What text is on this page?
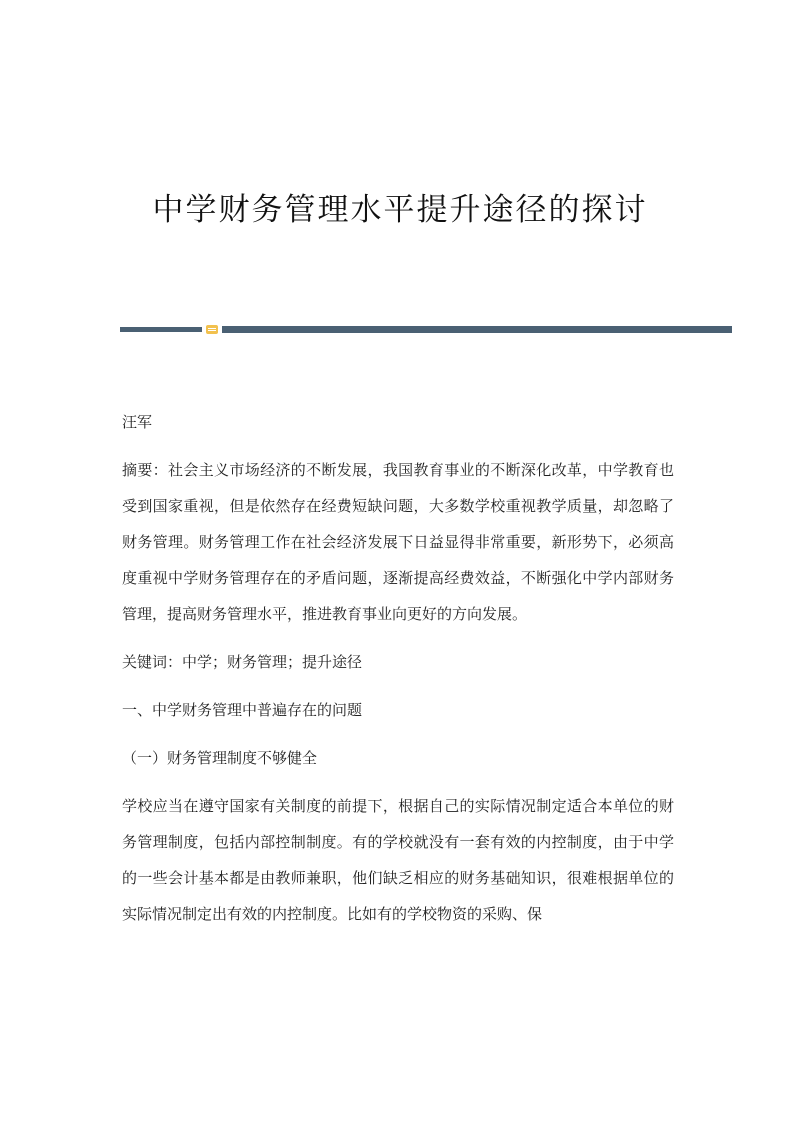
中学财务管理水平提升途径的探讨

汪军

摘要：社会主义市场经济的不断发展，我国教育事业的不断深化改革，中学教育也受到国家重视，但是依然存在经费短缺问题，大多数学校重视教学质量，却忽略了财务管理。财务管理工作在社会经济发展下日益显得非常重要，新形势下，必须高度重视中学财务管理存在的矛盾问题，逐渐提高经费效益，不断强化中学内部财务管理，提高财务管理水平，推进教育事业向更好的方向发展。

关键词：中学；财务管理；提升途径

一、中学财务管理中普遍存在的问题

（一）财务管理制度不够健全

学校应当在遵守国家有关制度的前提下，根据自己的实际情况制定适合本单位的财务管理制度，包括内部控制制度。有的学校就没有一套有效的内控制度，由于中学的一些会计基本都是由教师兼职，他们缺乏相应的财务基础知识，很难根据单位的实际情况制定出有效的内控制度。比如有的学校物资的采购、保
